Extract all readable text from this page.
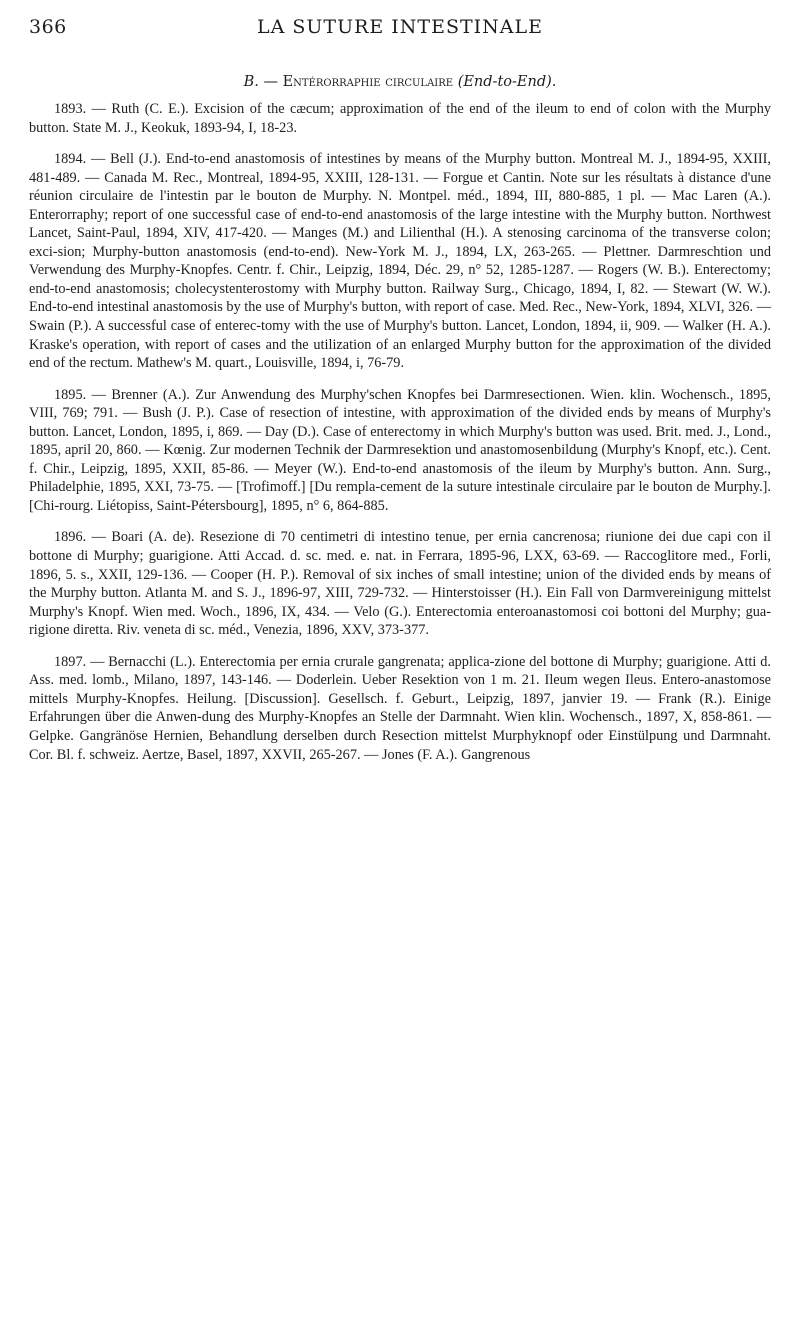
366	LA SUTURE INTESTINALE
B. — Entérorraphie circulaire (End-to-End).

1893. — Ruth (C. E.). Excision of the cæcum; approximation of the end of the ileum to end of colon with the Murphy button. State M. J., Keokuk, 1893-94, I, 18-23.

1894. — Bell (J.). End-to-end anastomosis of intestines by means of the Murphy button. Montreal M. J., 1894-95, XXIII, 481-489. — Canada M. Rec., Montreal, 1894-95, XXIII, 128-131. — Forgue et Cantin. Note sur les résultats à distance d'une réunion circulaire de l'intestin par le bouton de Murphy. N. Montpel. méd., 1894, III, 880-885, 1 pl. — Mac Laren (A.). Enterorraphy; report of one successful case of end-to-end anastomosis of the large intestine with the Murphy button. Northwest Lancet, Saint-Paul, 1894, XIV, 417-420. — Manges (M.) and Lilienthal (H.). A stenosing carcinoma of the transverse colon; exci-sion; Murphy-button anastomosis (end-to-end). New-York M. J., 1894, LX, 263-265. — Plettner. Darmreschtion und Verwendung des Murphy-Knopfes. Centr. f. Chir., Leipzig, 1894, Déc. 29, n° 52, 1285-1287. — Rogers (W. B.). Enterectomy; end-to-end anastomosis; cholecystenterostomy with Murphy button. Railway Surg., Chicago, 1894, I, 82. — Stewart (W. W.). End-to-end intestinal anastomosis by the use of Murphy's button, with report of case. Med. Rec., New-York, 1894, XLVI, 326. — Swain (P.). A successful case of enterec-tomy with the use of Murphy's button. Lancet, London, 1894, ii, 909. — Walker (H. A.). Kraske's operation, with report of cases and the utilization of an enlarged Murphy button for the approximation of the divided end of the rectum. Mathew's M. quart., Louisville, 1894, i, 76-79.

1895. — Brenner (A.). Zur Anwendung des Murphy'schen Knopfes bei Darmresectionen. Wien. klin. Wochensch., 1895, VIII, 769; 791. — Bush (J. P.). Case of resection of intestine, with approximation of the divided ends by means of Murphy's button. Lancet, London, 1895, i, 869. — Day (D.). Case of enterectomy in which Murphy's button was used. Brit. med. J., Lond., 1895, april 20, 860. — Kœnig. Zur modernen Technik der Darmresektion und anastomosenbildung (Murphy's Knopf, etc.). Cent. f. Chir., Leipzig, 1895, XXII, 85-86. — Meyer (W.). End-to-end anastomosis of the ileum by Murphy's button. Ann. Surg., Philadelphie, 1895, XXI, 73-75. — [Trofimoff.] [Du rempla-cement de la suture intestinale circulaire par le bouton de Murphy.]. [Chi-rourg. Liétopiss, Saint-Pétersbourg], 1895, n° 6, 864-885.

1896. — Boari (A. de). Resezione di 70 centimetri di intestino tenue, per ernia cancrenosa; riunione dei due capi con il bottone di Murphy; guarigione. Atti Accad. d. sc. med. e. nat. in Ferrara, 1895-96, LXX, 63-69. — Raccoglitore med., Forli, 1896, 5. s., XXII, 129-136. — Cooper (H. P.). Removal of six inches of small intestine; union of the divided ends by means of the Murphy button. Atlanta M. and S. J., 1896-97, XIII, 729-732. — Hinterstoisser (H.). Ein Fall von Darmvereinigung mittelst Murphy's Knopf. Wien med. Woch., 1896, IX, 434. — Velo (G.). Enterectomia enteroanastomosi coi bottoni del Murphy; gua-rigione diretta. Riv. veneta di sc. méd., Venezia, 1896, XXV, 373-377.

1897. — Bernacchi (L.). Enterectomia per ernia crurale gangrenata; applica-zione del bottone di Murphy; guarigione. Atti d. Ass. med. lomb., Milano, 1897, 143-146. — Doderlein. Ueber Resektion von 1 m. 21. Ileum wegen Ileus. Entero-anastomose mittels Murphy-Knopfes. Heilung. [Discussion]. Gesellsch. f. Geburt., Leipzig, 1897, janvier 19. — Frank (R.). Einige Erfahrungen über die Anwen-dung des Murphy-Knopfes an Stelle der Darmnaht. Wien klin. Wochensch., 1897, X, 858-861. — Gelpke. Gangränöse Hernien, Behandlung derselben durch Resection mittelst Murphyknopf oder Einstülpung und Darmnaht. Cor. Bl. f. schweiz. Aertze, Basel, 1897, XXVII, 265-267. — Jones (F. A.). Gangrenous
